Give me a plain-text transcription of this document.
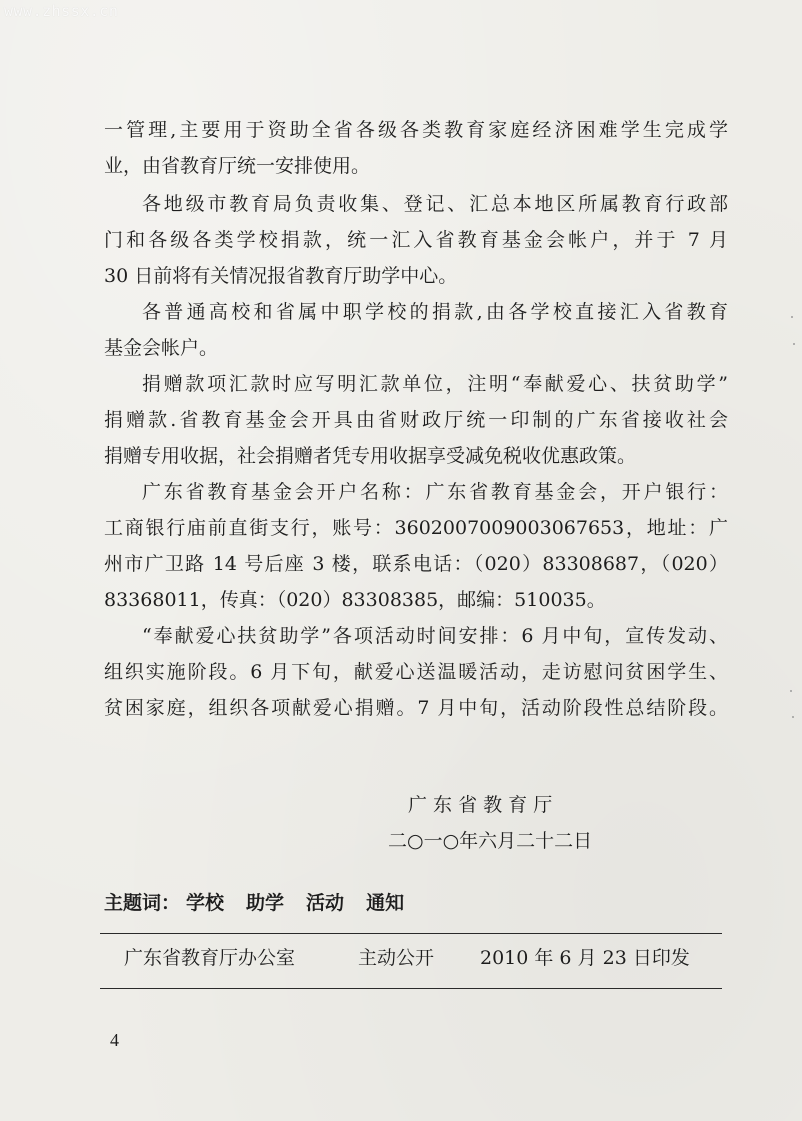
www.zhssx.cn
一管理,主要用于资助全省各级各类教育家庭经济困难学生完成学
业，由省教育厅统一安排使用。
各地级市教育局负责收集、登记、汇总本地区所属教育行政部
门和各级各类学校捐款，统一汇入省教育基金会帐户，并于 7 月
30 日前将有关情况报省教育厅助学中心。
各普通高校和省属中职学校的捐款,由各学校直接汇入省教育
基金会帐户。
捐赠款项汇款时应写明汇款单位，注明“奉献爱心、扶贫助学”
捐赠款.省教育基金会开具由省财政厅统一印制的广东省接收社会
捐赠专用收据，社会捐赠者凭专用收据享受减免税收优惠政策。
广东省教育基金会开户名称：广东省教育基金会，开户银行：
工商银行庙前直街支行，账号：3602007009003067653，地址：广
州市广卫路 14 号后座 3 楼，联系电话：（020）83308687，（020）
83368011，传真：（020）83308385，邮编：510035。
“奉献爱心扶贫助学”各项活动时间安排：6 月中旬，宣传发动、
组织实施阶段。6 月下旬，献爱心送温暖活动，走访慰问贫困学生、
贫困家庭，组织各项献爱心捐赠。7 月中旬，活动阶段性总结阶段。
广 东 省 教 育 厅
二○一○年六月二十二日
主题词： 学校 助学 活动 通知
广东省教育厅办公室	主动公开 2010 年 6 月 23 日印发
4
